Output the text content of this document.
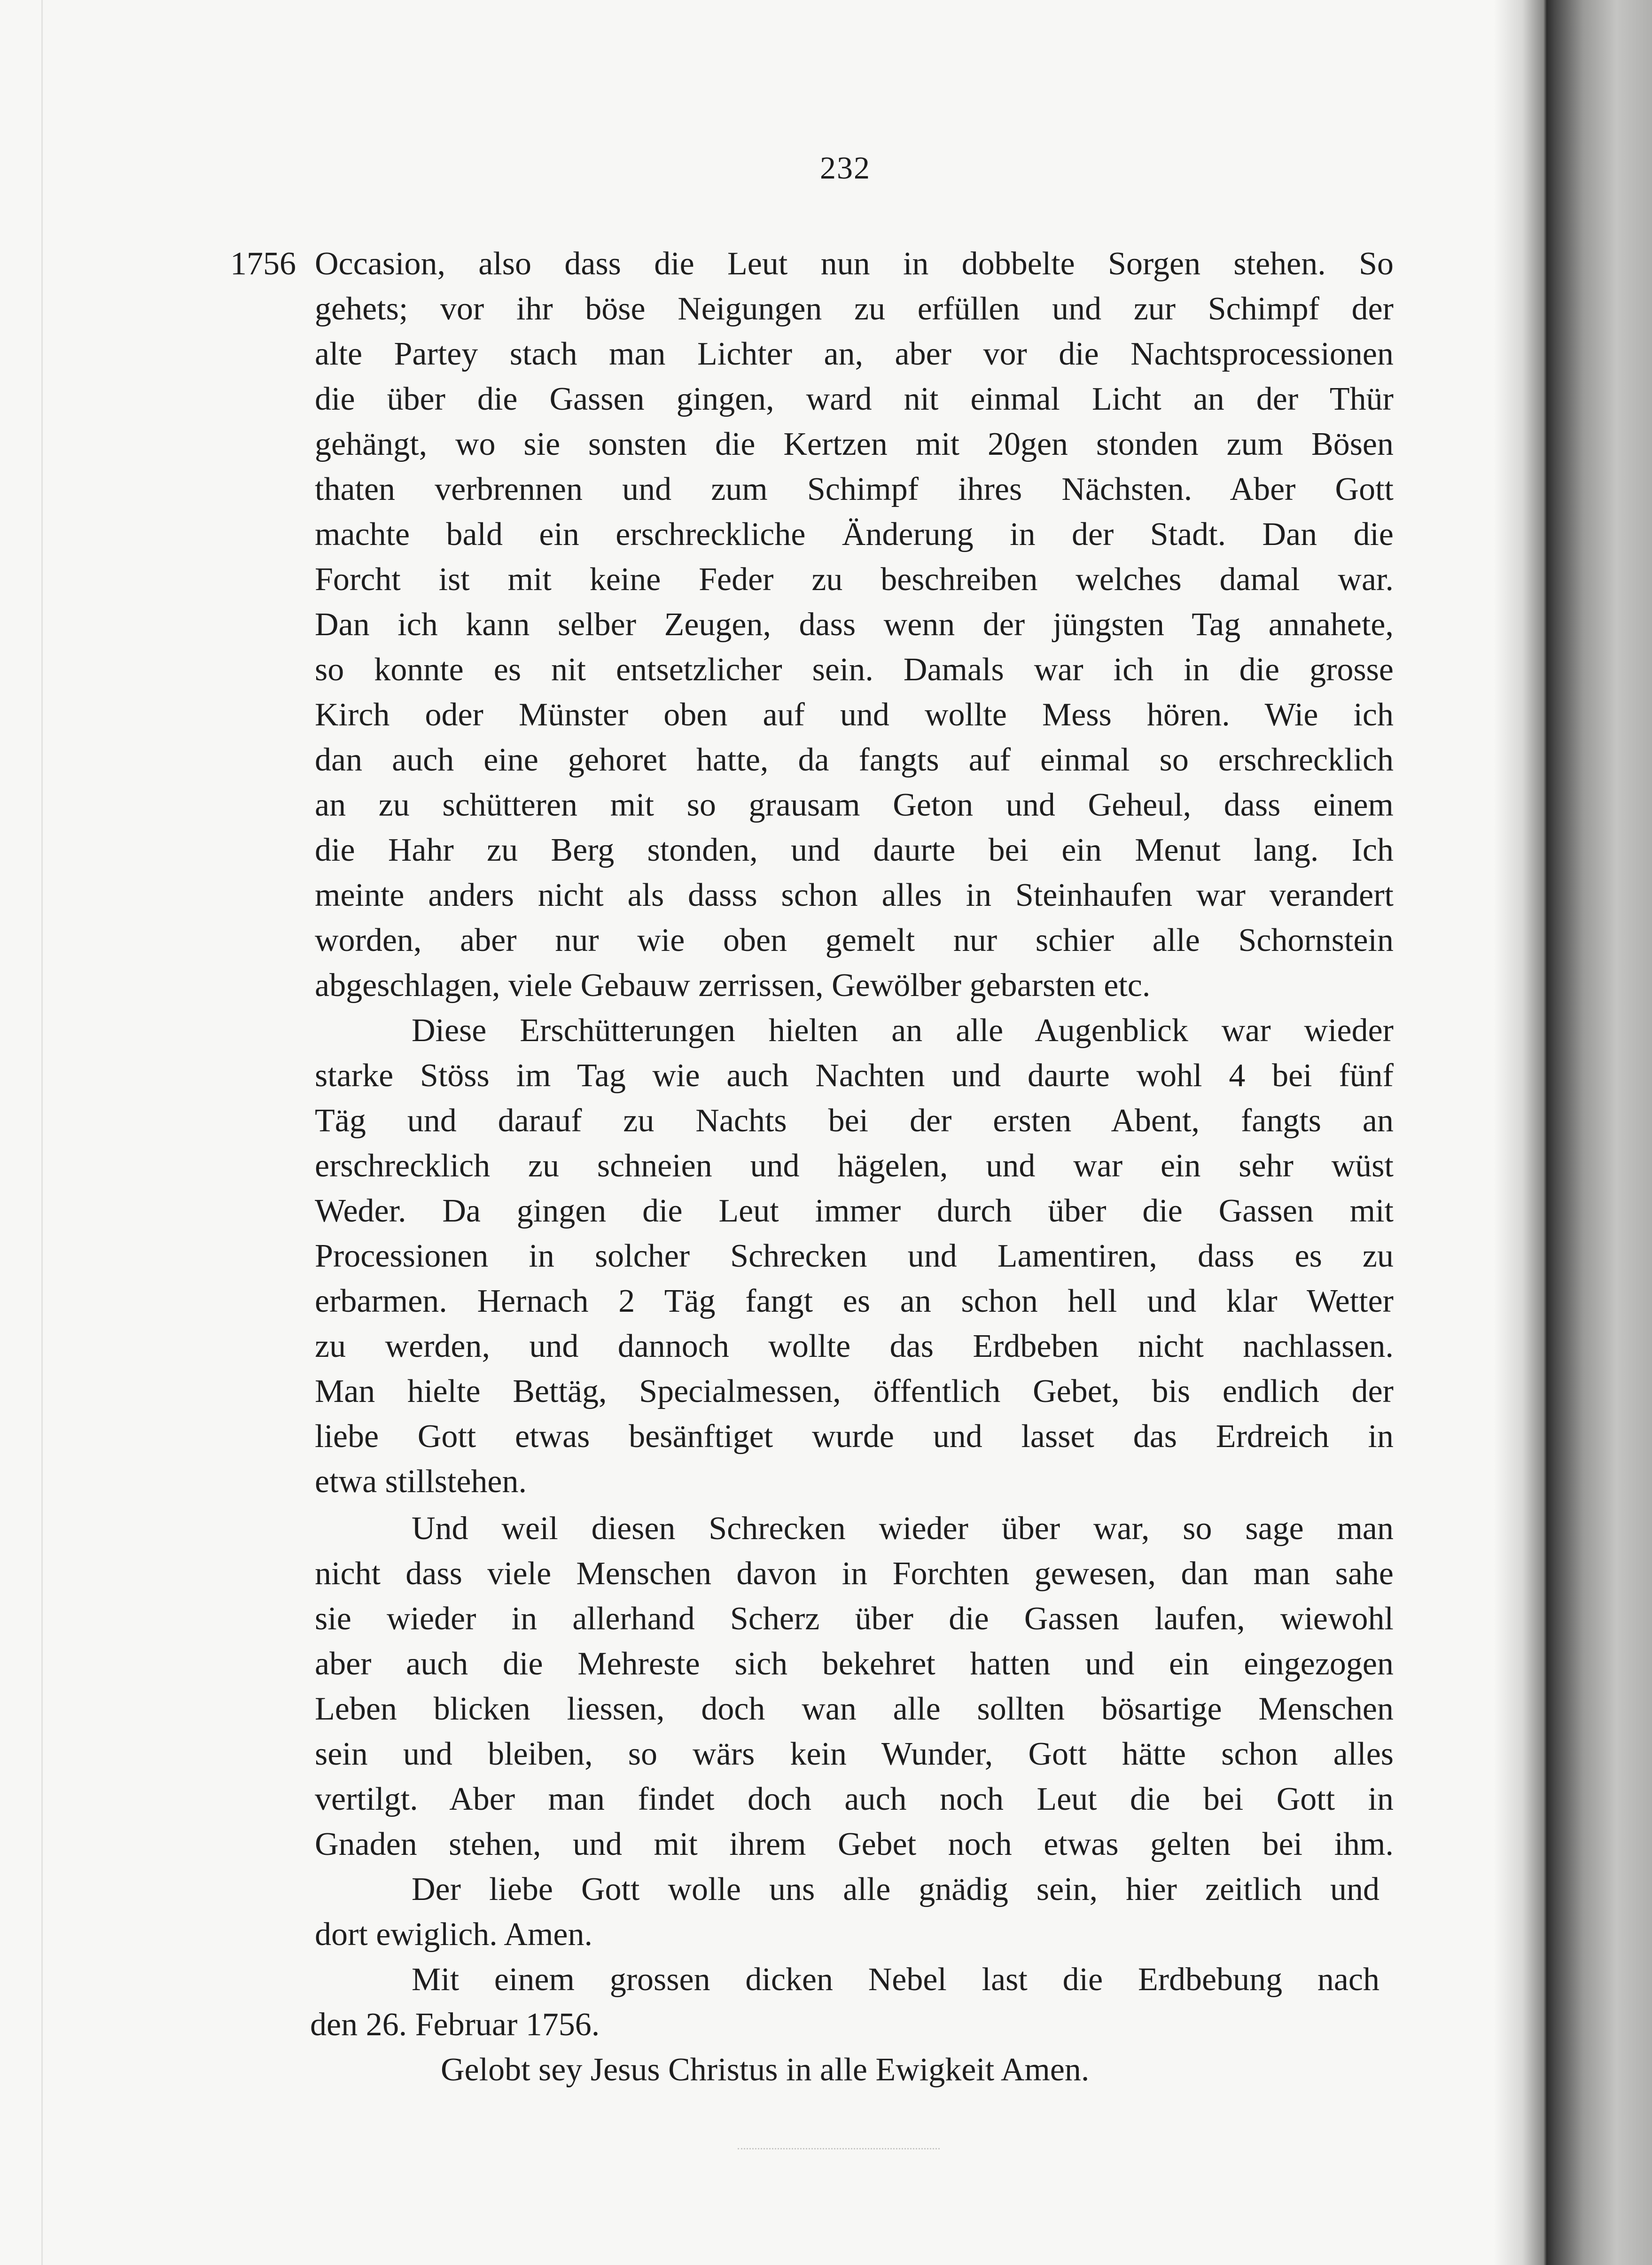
232
1756 Occasion, also dass die Leut nun in dobbelte Sorgen stehen. So
gehets; vor ihr böse Neigungen zu erfüllen und zur Schimpf der
alte Partey stach man Lichter an, aber vor die Nachtsprocessionen
die über die Gassen gingen, ward nit einmal Licht an der Thür
gehängt, wo sie sonsten die Kertzen mit 20gen stonden zum Bösen
thaten verbrennen und zum Schimpf ihres Nächsten. Aber Gott
machte bald ein erschreckliche Änderung in der Stadt. Dan die
Forcht ist mit keine Feder zu beschreiben welches damal war.
Dan ich kann selber Zeugen, dass wenn der jüngsten Tag annahete,
so konnte es nit entsetzlicher sein. Damals war ich in die grosse
Kirch oder Münster oben auf und wollte Mess hören. Wie ich
dan auch eine gehoret hatte, da fangts auf einmal so erschrecklich
an zu schütteren mit so grausam Geton und Geheul, dass einem
die Hahr zu Berg stonden, und daurte bei ein Menut lang. Ich
meinte anders nicht als dasss schon alles in Steinhaufen war verandert
worden, aber nur wie oben gemelt nur schier alle Schornstein
abgeschlagen, viele Gebauw zerrissen, Gewölber gebarsten etc.
Diese Erschütterungen hielten an alle Augenblick war wieder
starke Stöss im Tag wie auch Nachten und daurte wohl 4 bei fünf
Täg und darauf zu Nachts bei der ersten Abent, fangts an
erschrecklich zu schneien und hägelen, und war ein sehr wüst
Weder. Da gingen die Leut immer durch über die Gassen mit
Processionen in solcher Schrecken und Lamentiren, dass es zu
erbarmen. Hernach 2 Täg fangt es an schon hell und klar Wetter
zu werden, und dannoch wollte das Erdbeben nicht nachlassen.
Man hielte Bettäg, Specialmessen, öffentlich Gebet, bis endlich der
liebe Gott etwas besänftiget wurde und lasset das Erdreich in
etwa stillstehen.
Und weil diesen Schrecken wieder über war, so sage man
nicht dass viele Menschen davon in Forchten gewesen, dan man sahe
sie wieder in allerhand Scherz über die Gassen laufen, wiewohl
aber auch die Mehreste sich bekehret hatten und ein eingezogen
Leben blicken liessen, doch wan alle sollten bösartige Menschen
sein und bleiben, so wärs kein Wunder, Gott hätte schon alles
vertilgt. Aber man findet doch auch noch Leut die bei Gott in
Gnaden stehen, und mit ihrem Gebet noch etwas gelten bei ihm.
Der liebe Gott wolle uns alle gnädig sein, hier zeitlich und
dort ewiglich. Amen.
Mit einem grossen dicken Nebel last die Erdbebung nach
den 26. Februar 1756.
Gelobt sey Jesus Christus in alle Ewigkeit Amen.
